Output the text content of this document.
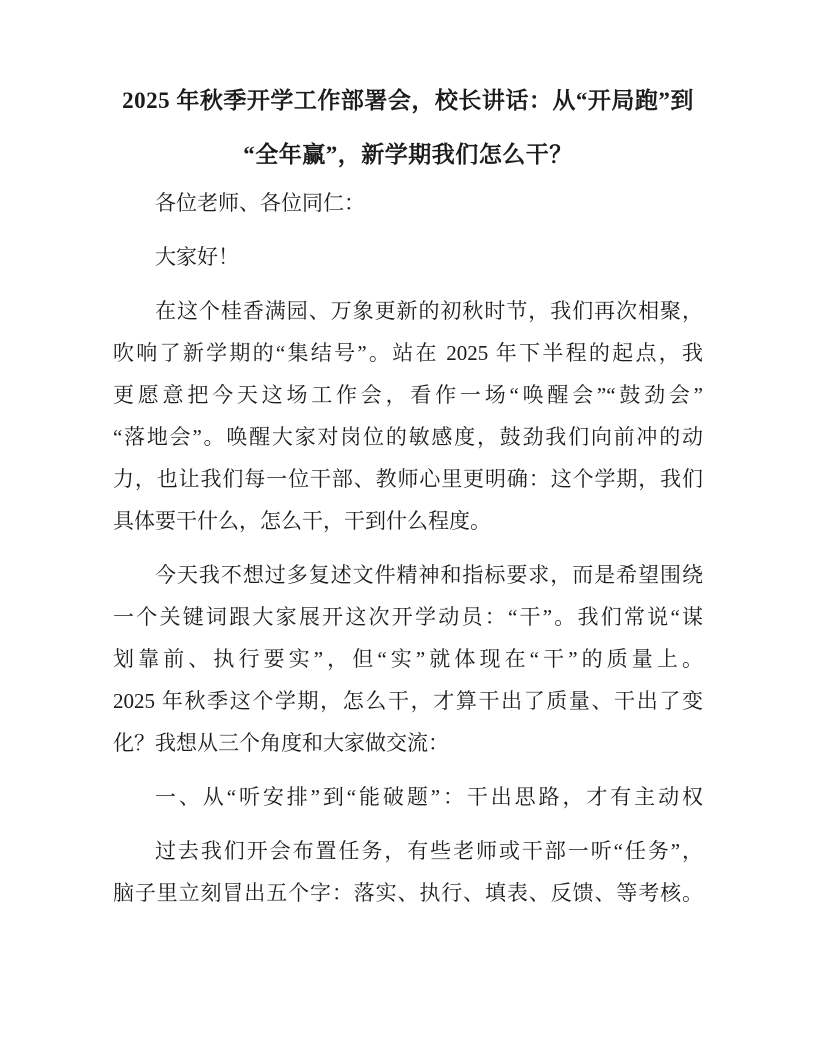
2025 年秋季开学工作部署会，校长讲话：从“开局跑”到
“全年赢”，新学期我们怎么干？
各位老师、各位同仁：
大家好！
在这个桂香满园、万象更新的初秋时节，我们再次相聚，
吹响了新学期的“集结号”。站在 2025 年下半程的起点，我
更愿意把今天这场工作会，看作一场“唤醒会”“鼓劲会”
“落地会”。唤醒大家对岗位的敏感度，鼓劲我们向前冲的动
力，也让我们每一位干部、教师心里更明确：这个学期，我们
具体要干什么，怎么干，干到什么程度。
今天我不想过多复述文件精神和指标要求，而是希望围绕
一个关键词跟大家展开这次开学动员：“干”。我们常说“谋
划靠前、执行要实”，但“实”就体现在“干”的质量上。
2025 年秋季这个学期，怎么干，才算干出了质量、干出了变
化？我想从三个角度和大家做交流：
一、从“听安排”到“能破题”：干出思路，才有主动权
过去我们开会布置任务，有些老师或干部一听“任务”，
脑子里立刻冒出五个字：落实、执行、填表、反馈、等考核。
